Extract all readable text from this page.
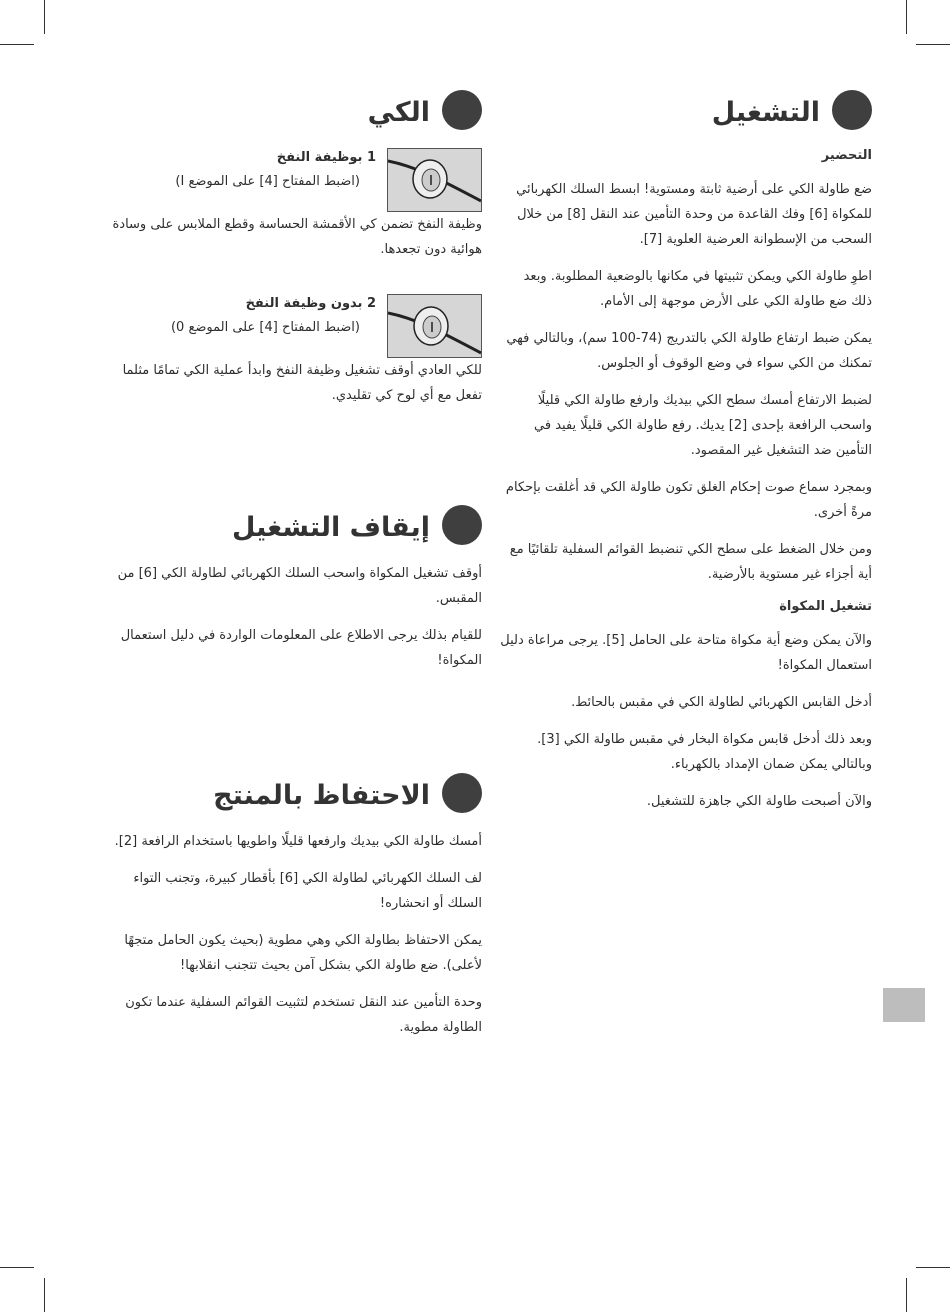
التشغيل
التحضير

ضع طاولة الكي على أرضية ثابتة ومستوية! ابسط السلك الكهربائي للمكواة [6] وفك القاعدة من وحدة التأمين عند النقل [8] من خلال السحب من الإسطوانة العرضية العلوية [7].

اطوِ طاولة الكي ويمكن تثبيتها في مكانها بالوضعية المطلوبة. وبعد ذلك ضع طاولة الكي على الأرض موجهة إلى الأمام.

يمكن ضبط ارتفاع طاولة الكي بالتدريج (74-100 سم)، وبالتالي فهي تمكنك من الكي سواء في وضع الوقوف أو الجلوس.

لضبط الارتفاع أمسك سطح الكي بيديك وارفع طاولة الكي قليلًا واسحب الرافعة بإحدى [2] يديك. رفع طاولة الكي قليلًا يفيد في التأمين ضد التشغيل غير المقصود.

وبمجرد سماع صوت إحكام الغلق تكون طاولة الكي قد أغلقت بإحكام مرةً أخرى.

ومن خلال الضغط على سطح الكي تنضبط القوائم السفلية تلقائيًا مع أية أجزاء غير مستوية بالأرضية.

تشغيل المكواة

والآن يمكن وضع أية مكواة متاحة على الحامل [5]. يرجى مراعاة دليل استعمال المكواة!

أدخل القابس الكهربائي لطاولة الكي في مقبس بالحائط.

وبعد ذلك أدخل قابس مكواة البخار في مقبس طاولة الكي [3]. وبالتالي يمكن ضمان الإمداد بالكهرباء.

والآن أصبحت طاولة الكي جاهزة للتشغيل.

الكي
1 بوظيفة النفخ
(اضبط المفتاح [4] على الموضع I)

وظيفة النفخ تضمن كي الأقمشة الحساسة وقطع الملابس على وسادة هوائية دون تجعدها.

2 بدون وظيفة النفخ
(اضبط المفتاح [4] على الموضع 0)

للكي العادي أوقف تشغيل وظيفة النفخ وابدأ عملية الكي تمامًا مثلما تفعل مع أي لوح كي تقليدي.

إيقاف التشغيل

أوقف تشغيل المكواة واسحب السلك الكهربائي لطاولة الكي [6] من المقبس.

للقيام بذلك يرجى الاطلاع على المعلومات الواردة في دليل استعمال المكواة!

الاحتفاظ بالمنتج

أمسك طاولة الكي بيديك وارفعها قليلًا واطويها باستخدام الرافعة [2].

لف السلك الكهربائي لطاولة الكي [6] بأقطار كبيرة، وتجنب التواء السلك أو انحشاره!

يمكن الاحتفاظ بطاولة الكي وهي مطوية (بحيث يكون الحامل متجهًا لأعلى). ضع طاولة الكي بشكل آمن بحيث تتجنب انقلابها!

وحدة التأمين عند النقل تستخدم لتثبيت القوائم السفلية عندما تكون الطاولة مطوية.
